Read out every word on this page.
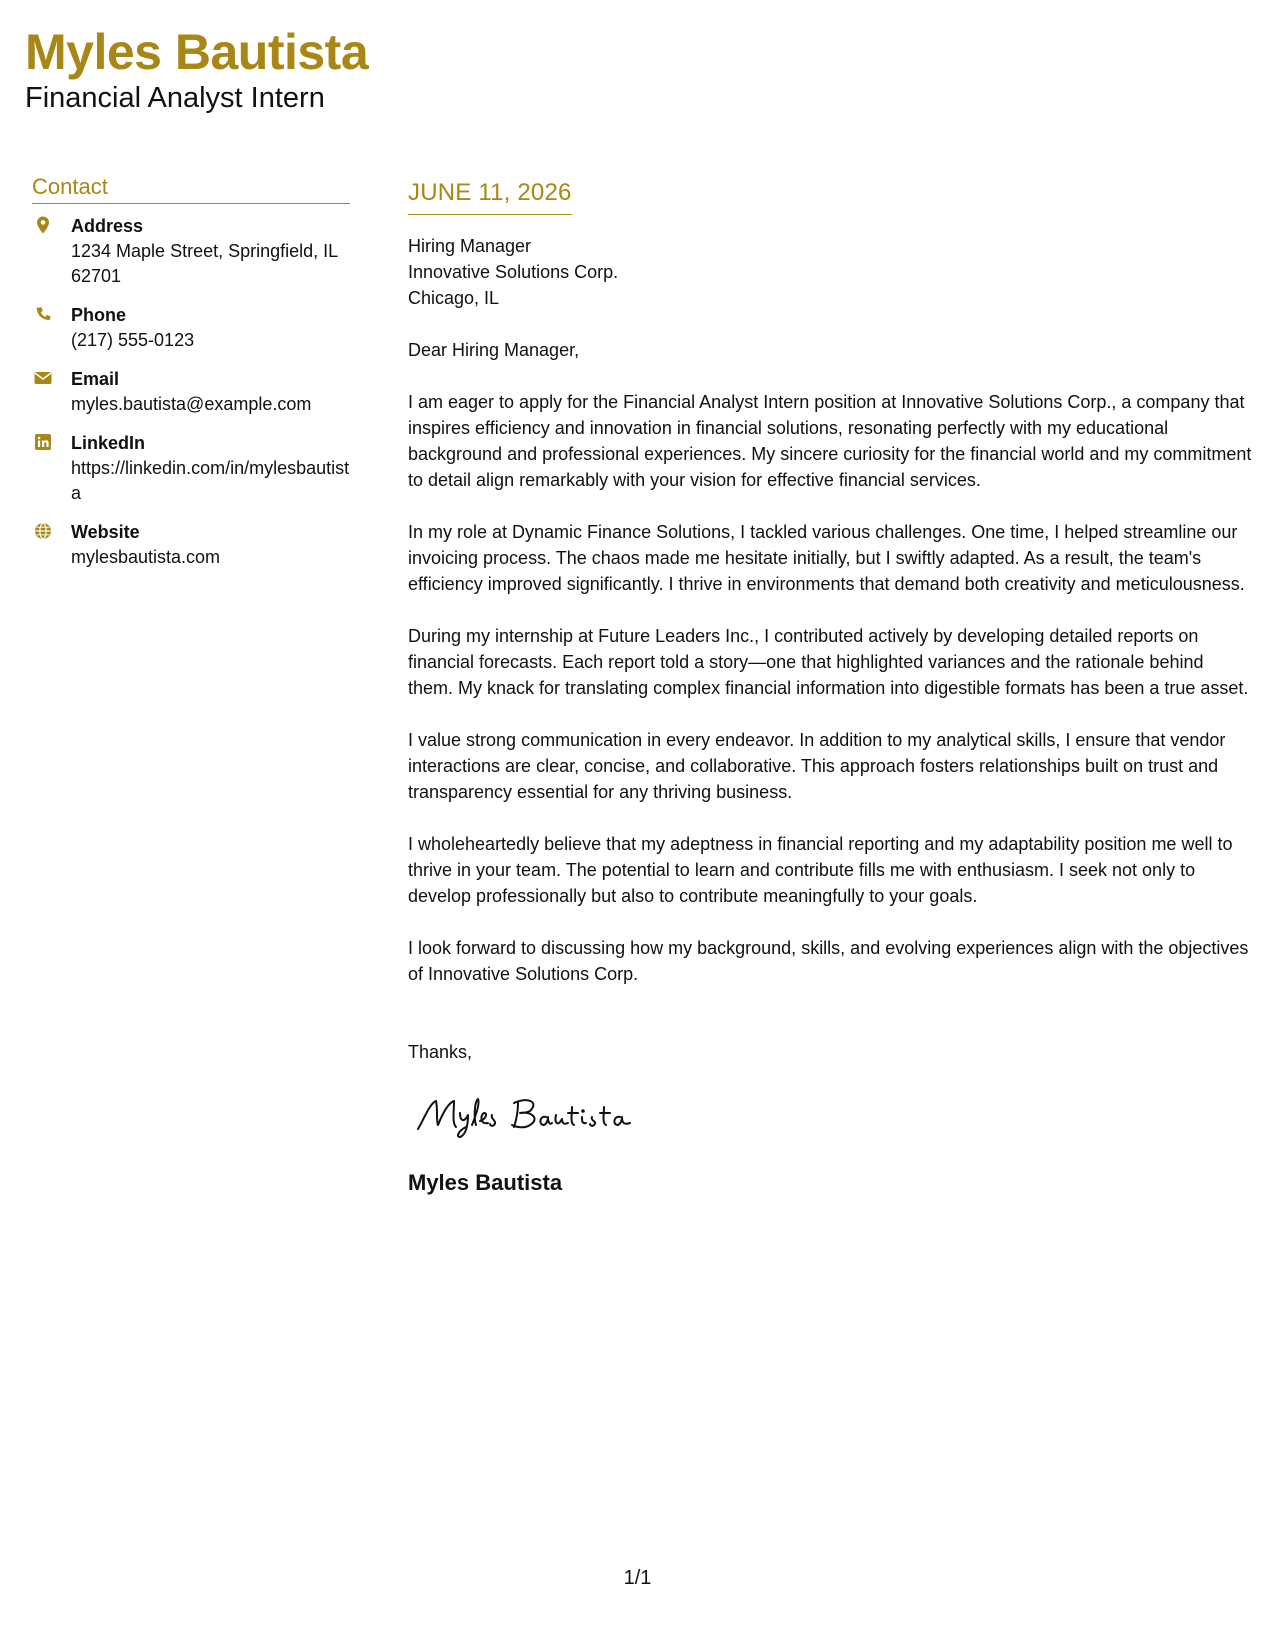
Myles Bautista
Financial Analyst Intern
Contact
Address
1234 Maple Street, Springfield, IL 62701
Phone
(217) 555-0123
Email
myles.bautista@example.com
LinkedIn
https://linkedin.com/in/mylesbautista
Website
mylesbautista.com
JUNE 11, 2026
Hiring Manager
Innovative Solutions Corp.
Chicago, IL
Dear Hiring Manager,

I am eager to apply for the Financial Analyst Intern position at Innovative Solutions Corp., a company that inspires efficiency and innovation in financial solutions, resonating perfectly with my educational background and professional experiences. My sincere curiosity for the financial world and my commitment to detail align remarkably with your vision for effective financial services.

In my role at Dynamic Finance Solutions, I tackled various challenges. One time, I helped streamline our invoicing process. The chaos made me hesitate initially, but I swiftly adapted. As a result, the team's efficiency improved significantly. I thrive in environments that demand both creativity and meticulousness.

During my internship at Future Leaders Inc., I contributed actively by developing detailed reports on financial forecasts. Each report told a story—one that highlighted variances and the rationale behind them. My knack for translating complex financial information into digestible formats has been a true asset.

I value strong communication in every endeavor. In addition to my analytical skills, I ensure that vendor interactions are clear, concise, and collaborative. This approach fosters relationships built on trust and transparency essential for any thriving business.

I wholeheartedly believe that my adeptness in financial reporting and my adaptability position me well to thrive in your team. The potential to learn and contribute fills me with enthusiasm. I seek not only to develop professionally but also to contribute meaningfully to your goals.

I look forward to discussing how my background, skills, and evolving experiences align with the objectives of Innovative Solutions Corp.

Thanks,
Myles Bautista
1/1
